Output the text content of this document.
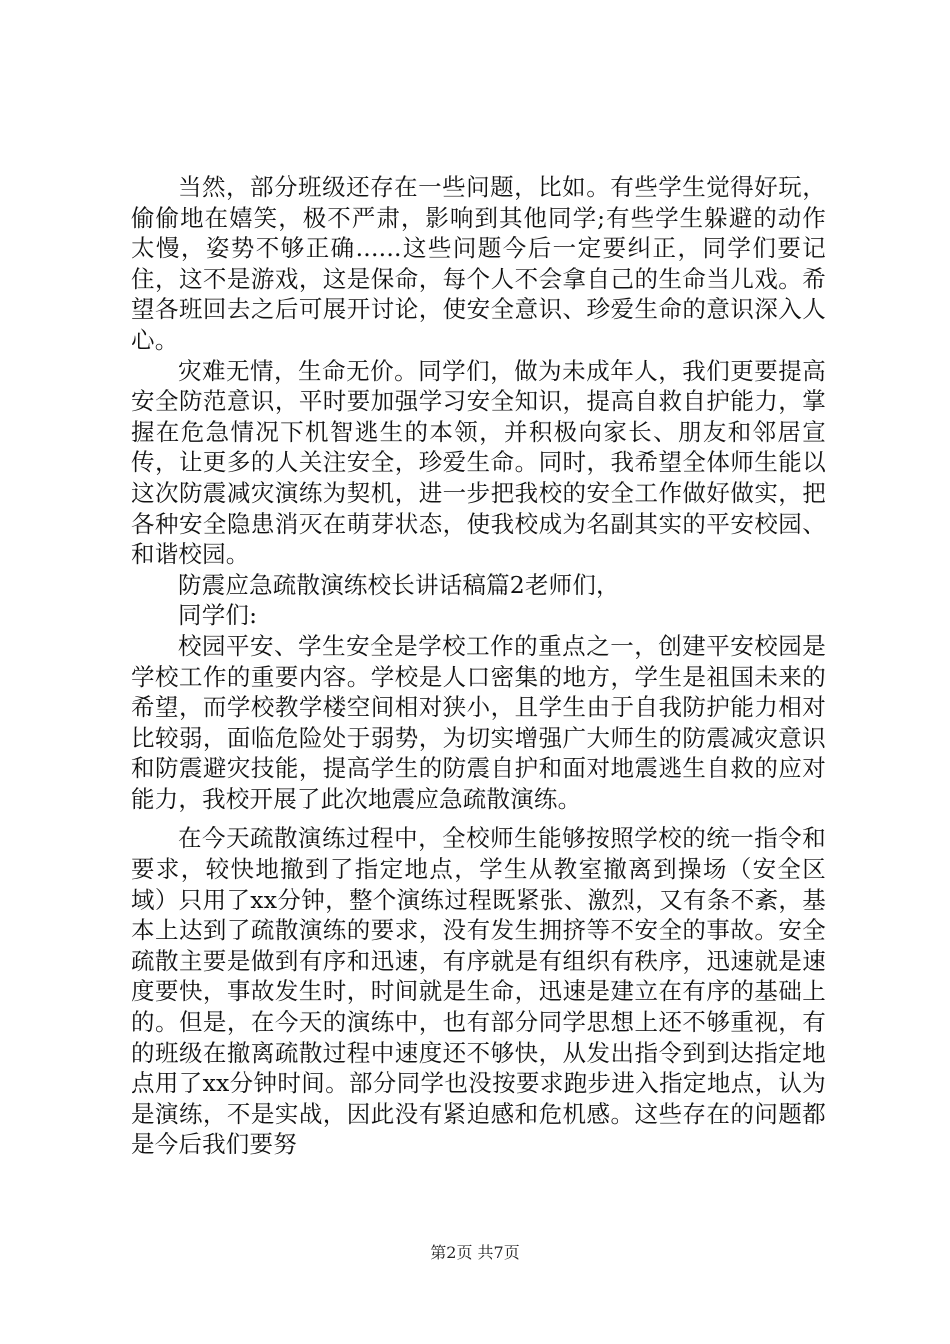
当然，部分班级还存在一些问题，比如。有些学生觉得好玩，偷偷地在嬉笑，极不严肃，影响到其他同学;有些学生躲避的动作太慢，姿势不够正确......这些问题今后一定要纠正，同学们要记住，这不是游戏，这是保命，每个人不会拿自己的生命当儿戏。希望各班回去之后可展开讨论，使安全意识、珍爱生命的意识深入人心。

灾难无情，生命无价。同学们，做为未成年人，我们更要提高安全防范意识，平时要加强学习安全知识，提高自救自护能力，掌握在危急情况下机智逃生的本领，并积极向家长、朋友和邻居宣传，让更多的人关注安全，珍爱生命。同时，我希望全体师生能以这次防震减灾演练为契机，进一步把我校的安全工作做好做实，把各种安全隐患消灭在萌芽状态，使我校成为名副其实的平安校园、和谐校园。

防震应急疏散演练校长讲话稿篇2老师们，

同学们:

校园平安、学生安全是学校工作的重点之一，创建平安校园是学校工作的重要内容。学校是人口密集的地方，学生是祖国未来的希望，而学校教学楼空间相对狭小，且学生由于自我防护能力相对比较弱，面临危险处于弱势，为切实增强广大师生的防震减灾意识和防震避灾技能，提高学生的防震自护和面对地震逃生自救的应对能力，我校开展了此次地震应急疏散演练。

在今天疏散演练过程中，全校师生能够按照学校的统一指令和要求，较快地撤到了指定地点，学生从教室撤离到操场（安全区域）只用了xx分钟，整个演练过程既紧张、激烈，又有条不紊，基本上达到了疏散演练的要求，没有发生拥挤等不安全的事故。安全疏散主要是做到有序和迅速，有序就是有组织有秩序，迅速就是速度要快，事故发生时，时间就是生命，迅速是建立在有序的基础上的。但是，在今天的演练中，也有部分同学思想上还不够重视，有的班级在撤离疏散过程中速度还不够快，从发出指令到到达指定地点用了xx分钟时间。部分同学也没按要求跑步进入指定地点，认为是演练，不是实战，因此没有紧迫感和危机感。这些存在的问题都是今后我们要努

第2页 共7页
